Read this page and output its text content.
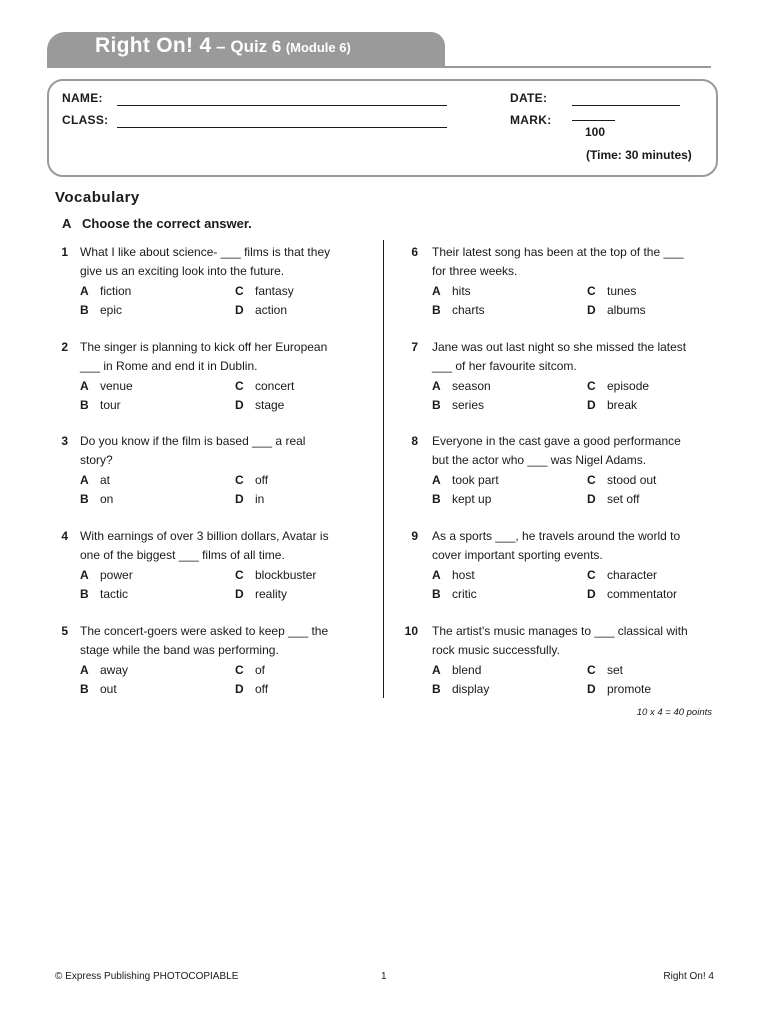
Right On! 4 – Quiz 6 (Module 6)
NAME:
CLASS:
DATE:
MARK:
100
(Time: 30 minutes)
Vocabulary
A Choose the correct answer.
1 What I like about science- ___ films is that they
give us an exciting look into the future.
A fiction	C fantasy
B epic	D action
2 The singer is planning to kick off her European
___ in Rome and end it in Dublin.
A venue	C concert
B tour	D stage
3 Do you know if the film is based ___ a real
story?
A at	C off
B on	D in
4 With earnings of over 3 billion dollars, Avatar is
one of the biggest ___ films of all time.
A power	C blockbuster
B tactic	D reality
5 The concert-goers were asked to keep ___ the
stage while the band was performing.
A away	C of
B out	D off
6 Their latest song has been at the top of the ___
for three weeks.
A hits	C tunes
B charts	D albums
7 Jane was out last night so she missed the latest
___ of her favourite sitcom.
A season	C episode
B series	D break
8 Everyone in the cast gave a good performance
but the actor who ___ was Nigel Adams.
A took part	C stood out
B kept up	D set off
9 As a sports ___, he travels around the world to
cover important sporting events.
A host	C character
B critic	D commentator
10 The artist's music manages to ___ classical with
rock music successfully.
A blend	C set
B display	D promote
10 x 4 = 40 points
© Express Publishing PHOTOCOPIABLE	1	Right On! 4
